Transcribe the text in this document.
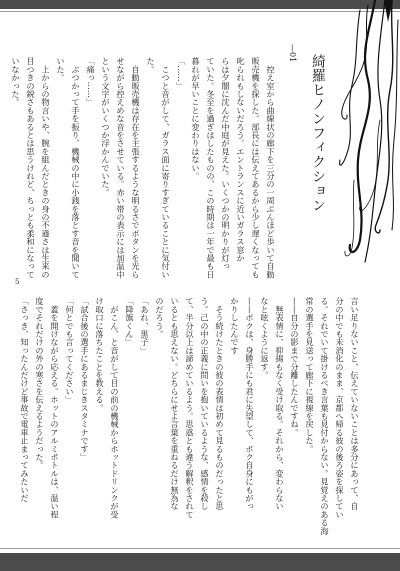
—01
綺羅ヒノンフィクション
　控え室から曲線状の廊下を三分の一周ぶんほど歩いて自動
販売機を探した。部長には伝えてあるから少し遅くなっても
叱られもしないだろう。エントランスに近いガラス窓か
らは夕闇に沈んだ中庭が見えた。いくつかの明かりが灯っ
ていた。冬至を過ぎはしたものの、この時期は一年で最も日
暮れが早いことに変わりはない。
「……」
　こつと音がして、ガラス面に寄りすぎていることに気付い
た。
　自動販売機は存在を主張するような明るさでボタンを光ら
せながら控えめな音をさせている。赤い帯の表示には加温中
という文字がいくつか浮かんでいた。
「痛っ……」
　ぶつかって手を振り、機械の中に小銭を落とす音を聞いて
いた。
　上からの物言いや、腕を組んだときの身の不遜さは生来の
目つきの鋭さもあるとは思うけれど、ちっとも柔和になって
いなかった。
5
言い足りないこと、伝えていないことは多分にあって、自
分の中でも未消化のまま、京都へ帰る彼の後ろ姿を探してい
る。それでいて掛けるべき言葉も見付からない。見覚えのある海
常の選手を見送って廊下に視線を戻した。
——自分の影まで分離したんですね。
　無表情に、抑揚もなく受け取る。それから、変わらない
なと呟くように返す。
——ボクは、身勝手にも君に失望して、ボク自身にもがっ
かりしたんです
　そう続けたときの彼の表情は初めて見るものだったと思
う。己の中の正義に問いを抱いているような、感情を殺し
て、半分以上は諦めているよう。思惑とも違う解釈をされて
いるとも思えない。どちらにせよ言葉を重ねるだけ無為な
のだろう。
「あれ、黒子」
「降旗くん」
　がこん、と音がして目の前の機械からホットドリンクが受
け取口に落ちたことを教える。
「試合後の選手にあるまじきスタミナです」
「何とでも言ってください」
　蓋を開けながら応える。ホットのアルミボトルは、温い程
度でそれだけの外の寒さを伝えるようだった。
「さっき、知ったんだけど事故で電車止まってみたいだ
